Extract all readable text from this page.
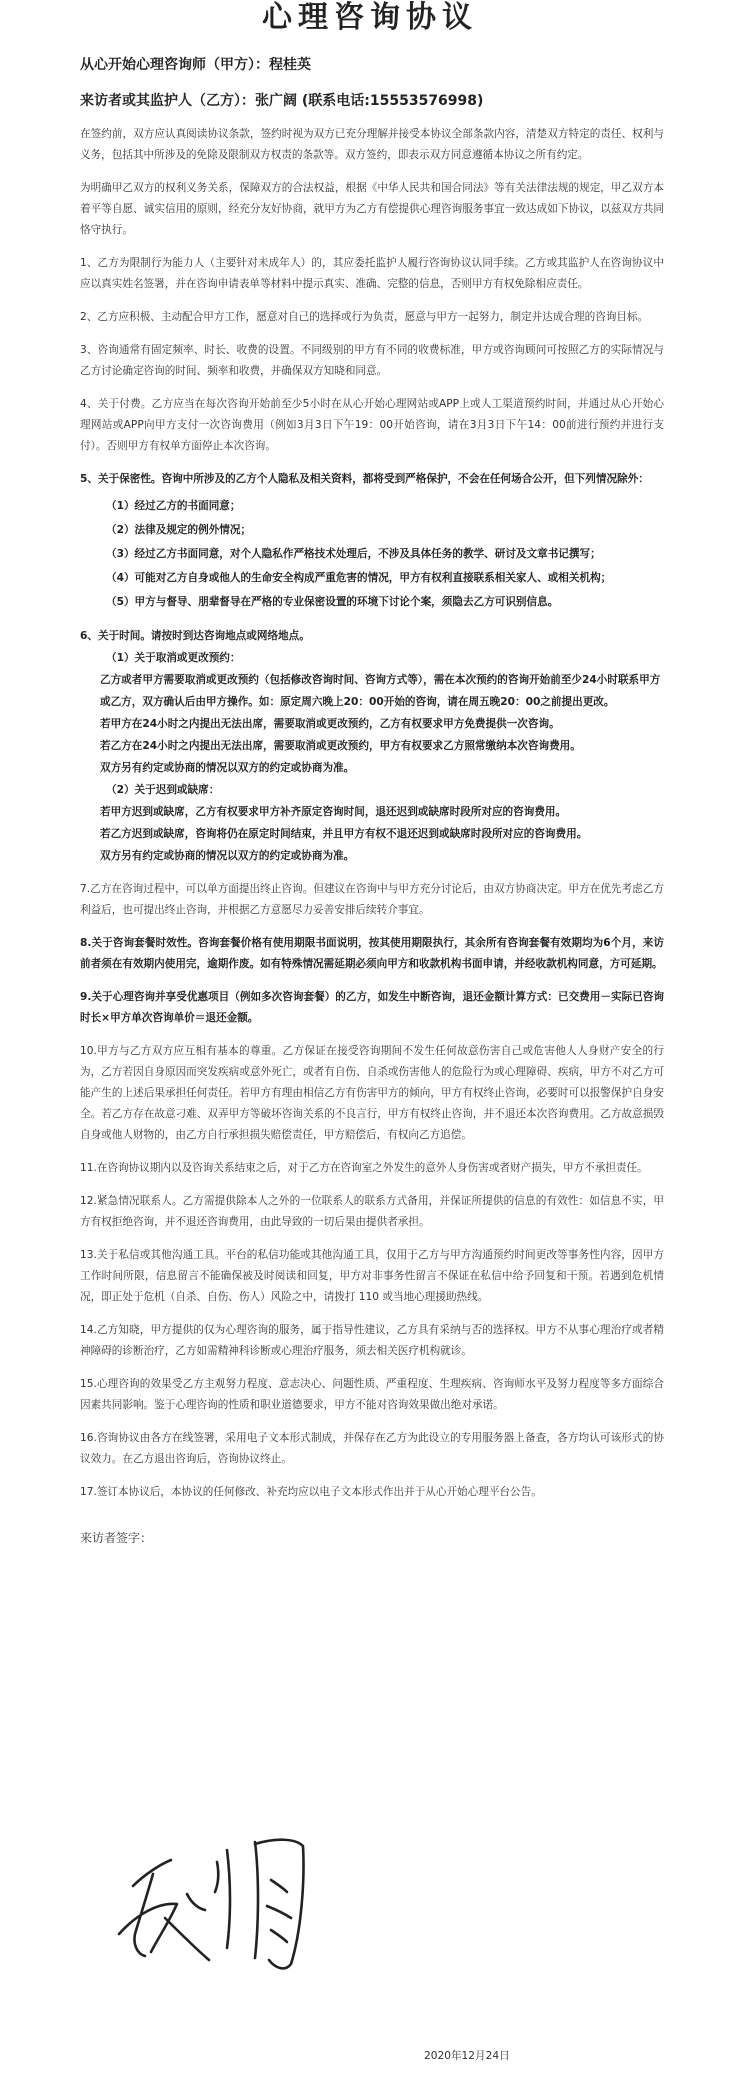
心理咨询协议
从心开始心理咨询师（甲方）：程桂英
来访者或其监护人（乙方）：张广阔 (联系电话:15553576998)
在签约前，双方应认真阅读协议条款，签约时视为双方已充分理解并接受本协议全部条款内容，清楚双方特定的责任、权利与义务，包括其中所涉及的免除及限制双方权责的条款等。双方签约，即表示双方同意遵循本协议之所有约定。
为明确甲乙双方的权利义务关系，保障双方的合法权益，根据《中华人民共和国合同法》等有关法律法规的规定，甲乙双方本着平等自愿、诚实信用的原则，经充分友好协商，就甲方为乙方有偿提供心理咨询服务事宜一致达成如下协议，以兹双方共同恪守执行。
1、乙方为限制行为能力人（主要针对未成年人）的，其应委托监护人履行咨询协议认同手续。乙方或其监护人在咨询协议中应以真实姓名签署，并在咨询申请表单等材料中提示真实、准确、完整的信息，否则甲方有权免除相应责任。
2、乙方应积极、主动配合甲方工作，愿意对自己的选择或行为负责，愿意与甲方一起努力，制定并达成合理的咨询目标。
3、咨询通常有固定频率、时长、收费的设置。不同级别的甲方有不同的收费标准，甲方或咨询顾问可按照乙方的实际情况与乙方讨论确定咨询的时间、频率和收费，并确保双方知晓和同意。
4、关于付费。乙方应当在每次咨询开始前至少5小时在从心开始心理网站或APP上或人工渠道预约时间，并通过从心开始心理网站或APP向甲方支付一次咨询费用（例如3月3日下午19：00开始咨询，请在3月3日下午14：00前进行预约并进行支付）。否则甲方有权单方面停止本次咨询。
5、关于保密性。咨询中所涉及的乙方个人隐私及相关资料，都将受到严格保护，不会在任何场合公开，但下列情况除外：
（1）经过乙方的书面同意；
（2）法律及规定的例外情况；
（3）经过乙方书面同意，对个人隐私作严格技术处理后，不涉及具体任务的教学、研讨及文章书记撰写；
（4）可能对乙方自身或他人的生命安全构成严重危害的情况，甲方有权利直接联系相关家人、或相关机构；
（5）甲方与督导、朋辈督导在严格的专业保密设置的环境下讨论个案，须隐去乙方可识别信息。
6、关于时间。请按时到达咨询地点或网络地点。
（1）关于取消或更改预约：
乙方或者甲方需要取消或更改预约（包括修改咨询时间、咨询方式等），需在本次预约的咨询开始前至少24小时联系甲方或乙方，双方确认后由甲方操作。如：原定周六晚上20：00开始的咨询，请在周五晚20：00之前提出更改。
若甲方在24小时之内提出无法出席，需要取消或更改预约，乙方有权要求甲方免费提供一次咨询。
若乙方在24小时之内提出无法出席，需要取消或更改预约，甲方有权要求乙方照常缴纳本次咨询费用。
双方另有约定或协商的情况以双方的约定或协商为准。
（2）关于迟到或缺席：
若甲方迟到或缺席，乙方有权要求甲方补齐原定咨询时间，退还迟到或缺席时段所对应的咨询费用。
若乙方迟到或缺席，咨询将仍在原定时间结束，并且甲方有权不退还迟到或缺席时段所对应的咨询费用。
双方另有约定或协商的情况以双方的约定或协商为准。
7.乙方在咨询过程中，可以单方面提出终止咨询。但建议在咨询中与甲方充分讨论后，由双方协商决定。甲方在优先考虑乙方利益后，也可提出终止咨询，并根据乙方意愿尽力妥善安排后续转介事宜。
8.关于咨询套餐时效性。咨询套餐价格有使用期限书面说明，按其使用期限执行，其余所有咨询套餐有效期均为6个月，来访前者须在有效期内使用完，逾期作废。如有特殊情况需延期必须向甲方和收款机构书面申请，并经收款机构同意，方可延期。
9.关于心理咨询并享受优惠项目（例如多次咨询套餐）的乙方，如发生中断咨询，退还金额计算方式：已交费用－实际已咨询时长×甲方单次咨询单价＝退还金额。
10.甲方与乙方双方应互相有基本的尊重。乙方保证在接受咨询期间不发生任何故意伤害自己或危害他人人身财产安全的行为，乙方若因自身原因而突发疾病或意外死亡，或者有自伤、自杀或伤害他人的危险行为或心理障碍、疾病，甲方不对乙方可能产生的上述后果承担任何责任。若甲方有理由相信乙方有伤害甲方的倾向，甲方有权终止咨询，必要时可以报警保护自身安全。若乙方存在故意刁难、双弄甲方等破坏咨询关系的不良言行，甲方有权终止咨询，并不退还本次咨询费用。乙方故意损毁自身或他人财物的，由乙方自行承担损失赔偿责任，甲方赔偿后，有权向乙方追偿。
11.在咨询协议期内以及咨询关系结束之后，对于乙方在咨询室之外发生的意外人身伤害或者财产损失，甲方不承担责任。
12.紧急情况联系人。乙方需提供除本人之外的一位联系人的联系方式备用，并保证所提供的信息的有效性：如信息不实，甲方有权拒绝咨询，并不退还咨询费用，由此导致的一切后果由提供者承担。
13.关于私信或其他沟通工具。平台的私信功能或其他沟通工具，仅用于乙方与甲方沟通预约时间更改等事务性内容，因甲方工作时间所限，信息留言不能确保被及时阅读和回复，甲方对非事务性留言不保证在私信中给予回复和干预。若遇到危机情况，即正处于危机（自杀、自伤、伤人）风险之中，请拨打 110 或当地心理援助热线。
14.乙方知晓，甲方提供的仅为心理咨询的服务，属于指导性建议，乙方具有采纳与否的选择权。甲方不从事心理治疗或者精神障碍的诊断治疗，乙方如需精神科诊断或心理治疗服务，须去相关医疗机构就诊。
15.心理咨询的效果受乙方主观努力程度、意志决心、问题性质、严重程度、生理疾病、咨询师水平及努力程度等多方面综合因素共同影响。鉴于心理咨询的性质和职业道德要求，甲方不能对咨询效果做出绝对承诺。
16.咨询协议由各方在线签署，采用电子文本形式制成，并保存在乙方为此设立的专用服务器上备查，各方均认可该形式的协议效力。在乙方退出咨询后，咨询协议终止。
17.签订本协议后，本协议的任何修改、补充均应以电子文本形式作出并于从心开始心理平台公告。
来访者签字：
2020年12月24日
